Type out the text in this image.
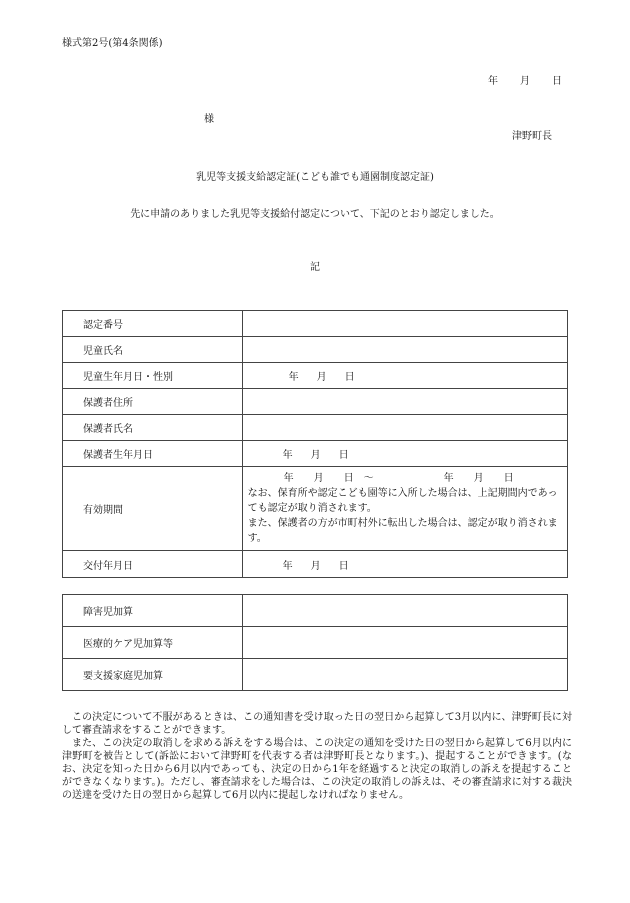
様式第2号(第4条関係)
年 月 日
様
津野町長
乳児等支援支給認定証(こども誰でも通園制度認定証)
先に申請のありました乳児等支援給付認定について、下記のとおり認定しました。
記
認定番号	
児童氏名	
児童生年月日・性別	年 月 日
保護者住所	
保護者氏名	
保護者生年月日	年 月 日
有効期間	年　　月　　日　～　　　　　　　年　　月　　日
なお、保育所や認定こども園等に入所した場合は、上記期間内であっても認定が取り消されます。
また、保護者の方が市町村外に転出した場合は、認定が取り消されます。

交付年月日	年 月 日
障害児加算	
医療的ケア児加算等	
要支援家庭児加算	

この決定について不服があるときは、この通知書を受け取った日の翌日から起算して3月以内に、津野町長に対して審査請求をすることができます。

また、この決定の取消しを求める訴えをする場合は、この決定の通知を受けた日の翌日から起算して6月以内に津野町を被告として(訴訟において津野町を代表する者は津野町長となります。)、提起することができます。(なお、決定を知った日から6月以内であっても、決定の日から1年を経過すると決定の取消しの訴えを提起することができなくなります。)。ただし、審査請求をした場合は、この決定の取消しの訴えは、その審査請求に対する裁決の送達を受けた日の翌日から起算して6月以内に提起しなければなりません。
